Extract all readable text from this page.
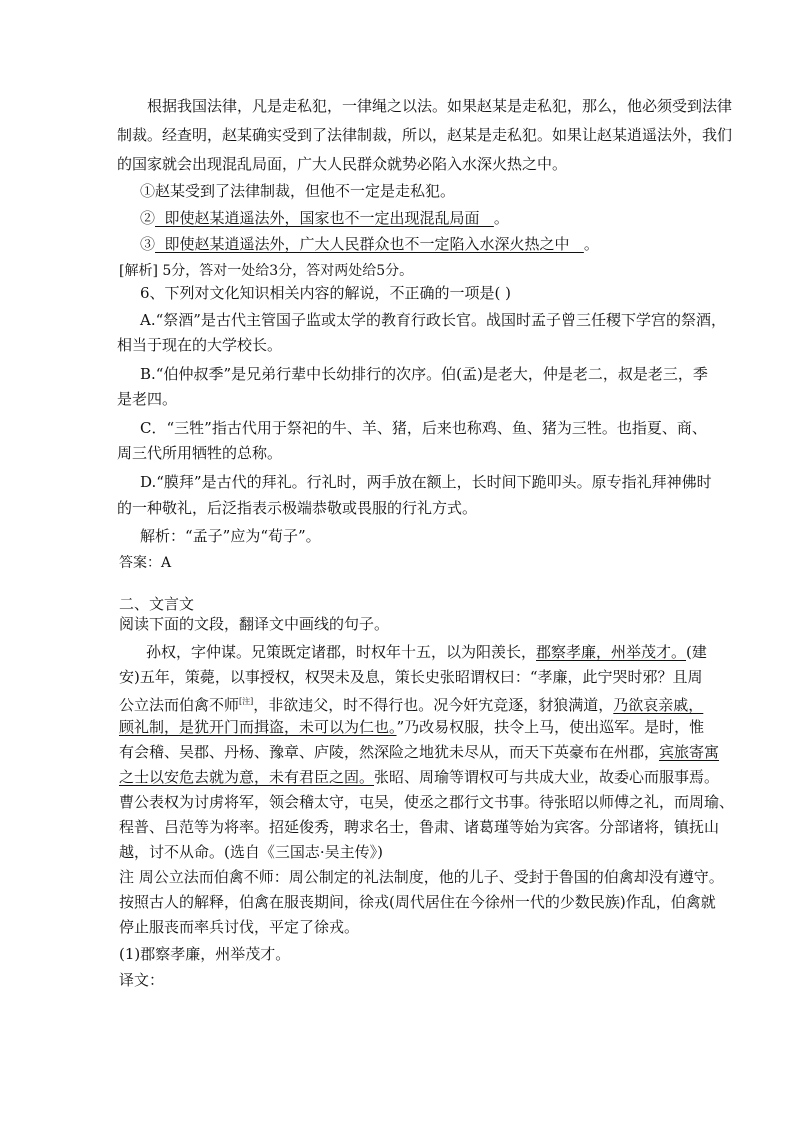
根据我国法律，凡是走私犯，一律绳之以法。如果赵某是走私犯，那么，他必须受到法律
制裁。经查明，赵某确实受到了法律制裁，所以，赵某是走私犯。如果让赵某逍遥法外，我们
的国家就会出现混乱局面，广大人民群众就势必陷入水深火热之中。
①赵某受到了法律制裁，但他不一定是走私犯。
②  即使赵某逍遥法外，国家也不一定出现混乱局面   。
③  即使赵某逍遥法外，广大人民群众也不一定陷入水深火热之中   。
[解析] 5分，答对一处给3分，答对两处给5分。
6、下列对文化知识相关内容的解说，不正确的一项是( )
A.“祭酒”是古代主管国子监或太学的教育行政长官。战国时孟子曾三任稷下学宫的祭酒，
相当于现在的大学校长。
B.“伯仲叔季”是兄弟行辈中长幼排行的次序。伯(孟)是老大，仲是老二，叔是老三，季
是老四。
C．“三牲”指古代用于祭祀的牛、羊、猪，后来也称鸡、鱼、猪为三牲。也指夏、商、
周三代所用牺牲的总称。
D.“膜拜”是古代的拜礼。行礼时，两手放在额上，长时间下跪叩头。原专指礼拜神佛时
的一种敬礼，后泛指表示极端恭敬或畏服的行礼方式。
解析：“孟子”应为“荀子”。
答案：A
二、文言文
阅读下面的文段，翻译文中画线的句子。
孙权，字仲谋。兄策既定诸郡，时权年十五，以为阳羡长，郡察孝廉，州举茂才。(建
安)五年，策薨，以事授权，权哭未及息，策长史张昭谓权曰：“孝廉，此宁哭时邪？且周
公立法而伯禽不师[注]，非欲违父，时不得行也。况今奸宄竞逐，豺狼满道，乃欲哀亲戚，
顾礼制，是犹开门而揖盗，未可以为仁也。”乃改易权服，扶令上马，使出巡军。是时，惟
有会稽、吴郡、丹杨、豫章、庐陵，然深险之地犹未尽从，而天下英豪布在州郡，宾旅寄寓
之士以安危去就为意，未有君臣之固。张昭、周瑜等谓权可与共成大业，故委心而服事焉。
曹公表权为讨虏将军，领会稽太守，屯吴，使丞之郡行文书事。待张昭以师傅之礼，而周瑜、
程普、吕范等为将率。招延俊秀，聘求名士，鲁肃、诸葛瑾等始为宾客。分部诸将，镇抚山
越，讨不从命。(选自《三国志·吴主传》)
注 周公立法而伯禽不师：周公制定的礼法制度，他的儿子、受封于鲁国的伯禽却没有遵守。
按照古人的解释，伯禽在服丧期间，徐戎(周代居住在今徐州一代的少数民族)作乱，伯禽就
停止服丧而率兵讨伐，平定了徐戎。
(1)郡察孝廉，州举茂才。
译文：
